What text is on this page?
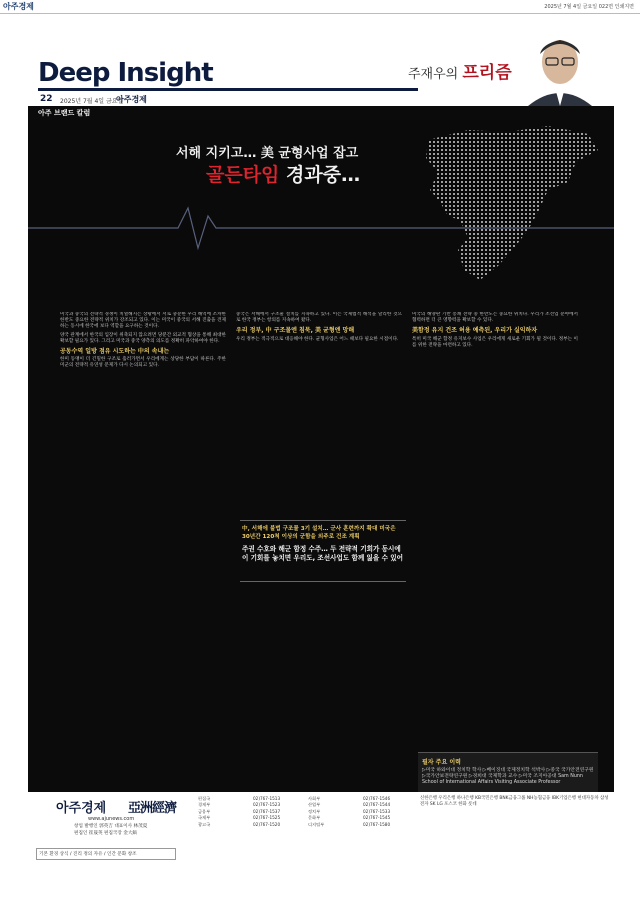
아주경제	2025년 7월 4일 금요일 022면 인쇄지면
Deep Insight
22 2025년 7월 4일 금요일
아주경제
주재우의 프리즘
아주 브랜드 칼럼
서해 지키고… 美 균형사업 잡고
골든타임 경과중…

미국과 중국의 전략적 경쟁이 치열해지는 상황에서 서로 충분한 우리 해역에 조차한 한반도 중요한 전략적 위치가 강조되고 있다. 이는 미국이 중국의 서해 진출을 견제하는 동시에 한국에 보다 역할을 요구하는 것이다.

양국 관계에서 한국의 입장이 위축되지 않으려면 당분간 외교적 협상을 통해 최대한 확보할 필요가 있다. 그리고 미국과 중국 양측의 의도를 정확히 파악하여야 한다.

공동수역 일방 점유 시도하는 中의 속내는

한미 동맹이 더 긴밀한 구조로 흘러가면서 우리에게는 상당한 부담이 따른다. 주한미군의 전략적 유연성 문제가 다시 논의되고 있다.

중국은 서해에서 구조물 설치를 지속하고 있다. 이는 국제법적 해석을 달리한 것으로 한국 정부는 항의를 지속하여 왔다.

우리 정부, 中 구조물엔 침묵, 美 균형엔 망해

우리 정부는 적극적으로 대응해야 한다. 균형사업은 어느 때보다 필요한 시점이다.

미국의 해양판 기반 봉쇄 전략 중 한반도는 중요한 위치다. 우리가 조선업 분야에서 협력하면 더 큰 영향력을 확보할 수 있다.

美함정 유지 건조 허용 예측된, 우리가 실익하자

특히 미국 해군 함정 유지보수 사업은 우리에게 새로운 기회가 될 것이다. 정부는 이를 위한 전략을 마련하고 있다.

中, 서해에 불법 구조물 3기 설치… 군사 훈련까지 확대 미국은 30년간 120척 이상의 군함을 외주로 건조 계획
주권 수호와 해군 함정 수주… 두 전략적 기회가 동시에 이 기회를 놓치면 우리도, 조선사업도 함께 잃을 수 있어
필자 주요 이력

▷미국 하와이대 정치학 학사 ▷베이징대 국제정치학 석박사 ▷중국 국가안전연구원 ▷국가안보전략연구원 ▷경희대 국제학과 교수 ▷미국 조지아공대 Sam Nunn School of International Affairs Visiting Associate Professor

아주경제 亞洲經濟
www.ajunews.com
창업 발행인 郭英吉 대표이사 林茂夏
편집인 崔晟英 편집국장 金大鎬
기본 환경 상식 / 진리 정의 자유 / 인간 문화 창조
편집국	02)767-1513	사회부	02)767-1546
경제부	02)767-1523	산업부	02)767-1544
금융부	02)767-1537	정치부	02)767-1533
국제부	02)767-1525	문화부	02)767-1545
광고국	02)767-1520	디지털부	02)767-1580
신한은행 우리은행 하나은행 KB국민은행 BNK금융그룹 NH농협금융 IBK기업은행 현대자동차 삼성전자 SK LG 포스코 한화 롯데
